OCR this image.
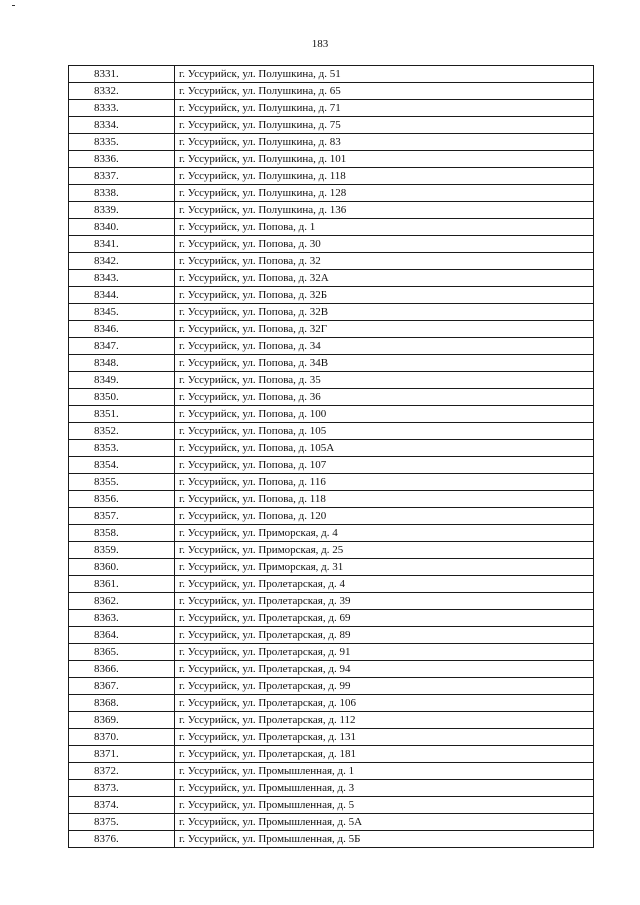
183
8331.	г. Уссурийск, ул. Полушкина, д. 51
8332.	г. Уссурийск, ул. Полушкина, д. 65
8333.	г. Уссурийск, ул. Полушкина, д. 71
8334.	г. Уссурийск, ул. Полушкина, д. 75
8335.	г. Уссурийск, ул. Полушкина, д. 83
8336.	г. Уссурийск, ул. Полушкина, д. 101
8337.	г. Уссурийск, ул. Полушкина, д. 118
8338.	г. Уссурийск, ул. Полушкина, д. 128
8339.	г. Уссурийск, ул. Полушкина, д. 136
8340.	г. Уссурийск, ул. Попова, д. 1
8341.	г. Уссурийск, ул. Попова, д. 30
8342.	г. Уссурийск, ул. Попова, д. 32
8343.	г. Уссурийск, ул. Попова, д. 32А
8344.	г. Уссурийск, ул. Попова, д. 32Б
8345.	г. Уссурийск, ул. Попова, д. 32В
8346.	г. Уссурийск, ул. Попова, д. 32Г
8347.	г. Уссурийск, ул. Попова, д. 34
8348.	г. Уссурийск, ул. Попова, д. 34В
8349.	г. Уссурийск, ул. Попова, д. 35
8350.	г. Уссурийск, ул. Попова, д. 36
8351.	г. Уссурийск, ул. Попова, д. 100
8352.	г. Уссурийск, ул. Попова, д. 105
8353.	г. Уссурийск, ул. Попова, д. 105А
8354.	г. Уссурийск, ул. Попова, д. 107
8355.	г. Уссурийск, ул. Попова, д. 116
8356.	г. Уссурийск, ул. Попова, д. 118
8357.	г. Уссурийск, ул. Попова, д. 120
8358.	г. Уссурийск, ул. Приморская, д. 4
8359.	г. Уссурийск, ул. Приморская, д. 25
8360.	г. Уссурийск, ул. Приморская, д. 31
8361.	г. Уссурийск, ул. Пролетарская, д. 4
8362.	г. Уссурийск, ул. Пролетарская, д. 39
8363.	г. Уссурийск, ул. Пролетарская, д. 69
8364.	г. Уссурийск, ул. Пролетарская, д. 89
8365.	г. Уссурийск, ул. Пролетарская, д. 91
8366.	г. Уссурийск, ул. Пролетарская, д. 94
8367.	г. Уссурийск, ул. Пролетарская, д. 99
8368.	г. Уссурийск, ул. Пролетарская, д. 106
8369.	г. Уссурийск, ул. Пролетарская, д. 112
8370.	г. Уссурийск, ул. Пролетарская, д. 131
8371.	г. Уссурийск, ул. Пролетарская, д. 181
8372.	г. Уссурийск, ул. Промышленная, д. 1
8373.	г. Уссурийск, ул. Промышленная, д. 3
8374.	г. Уссурийск, ул. Промышленная, д. 5
8375.	г. Уссурийск, ул. Промышленная, д. 5А
8376.	г. Уссурийск, ул. Промышленная, д. 5Б
